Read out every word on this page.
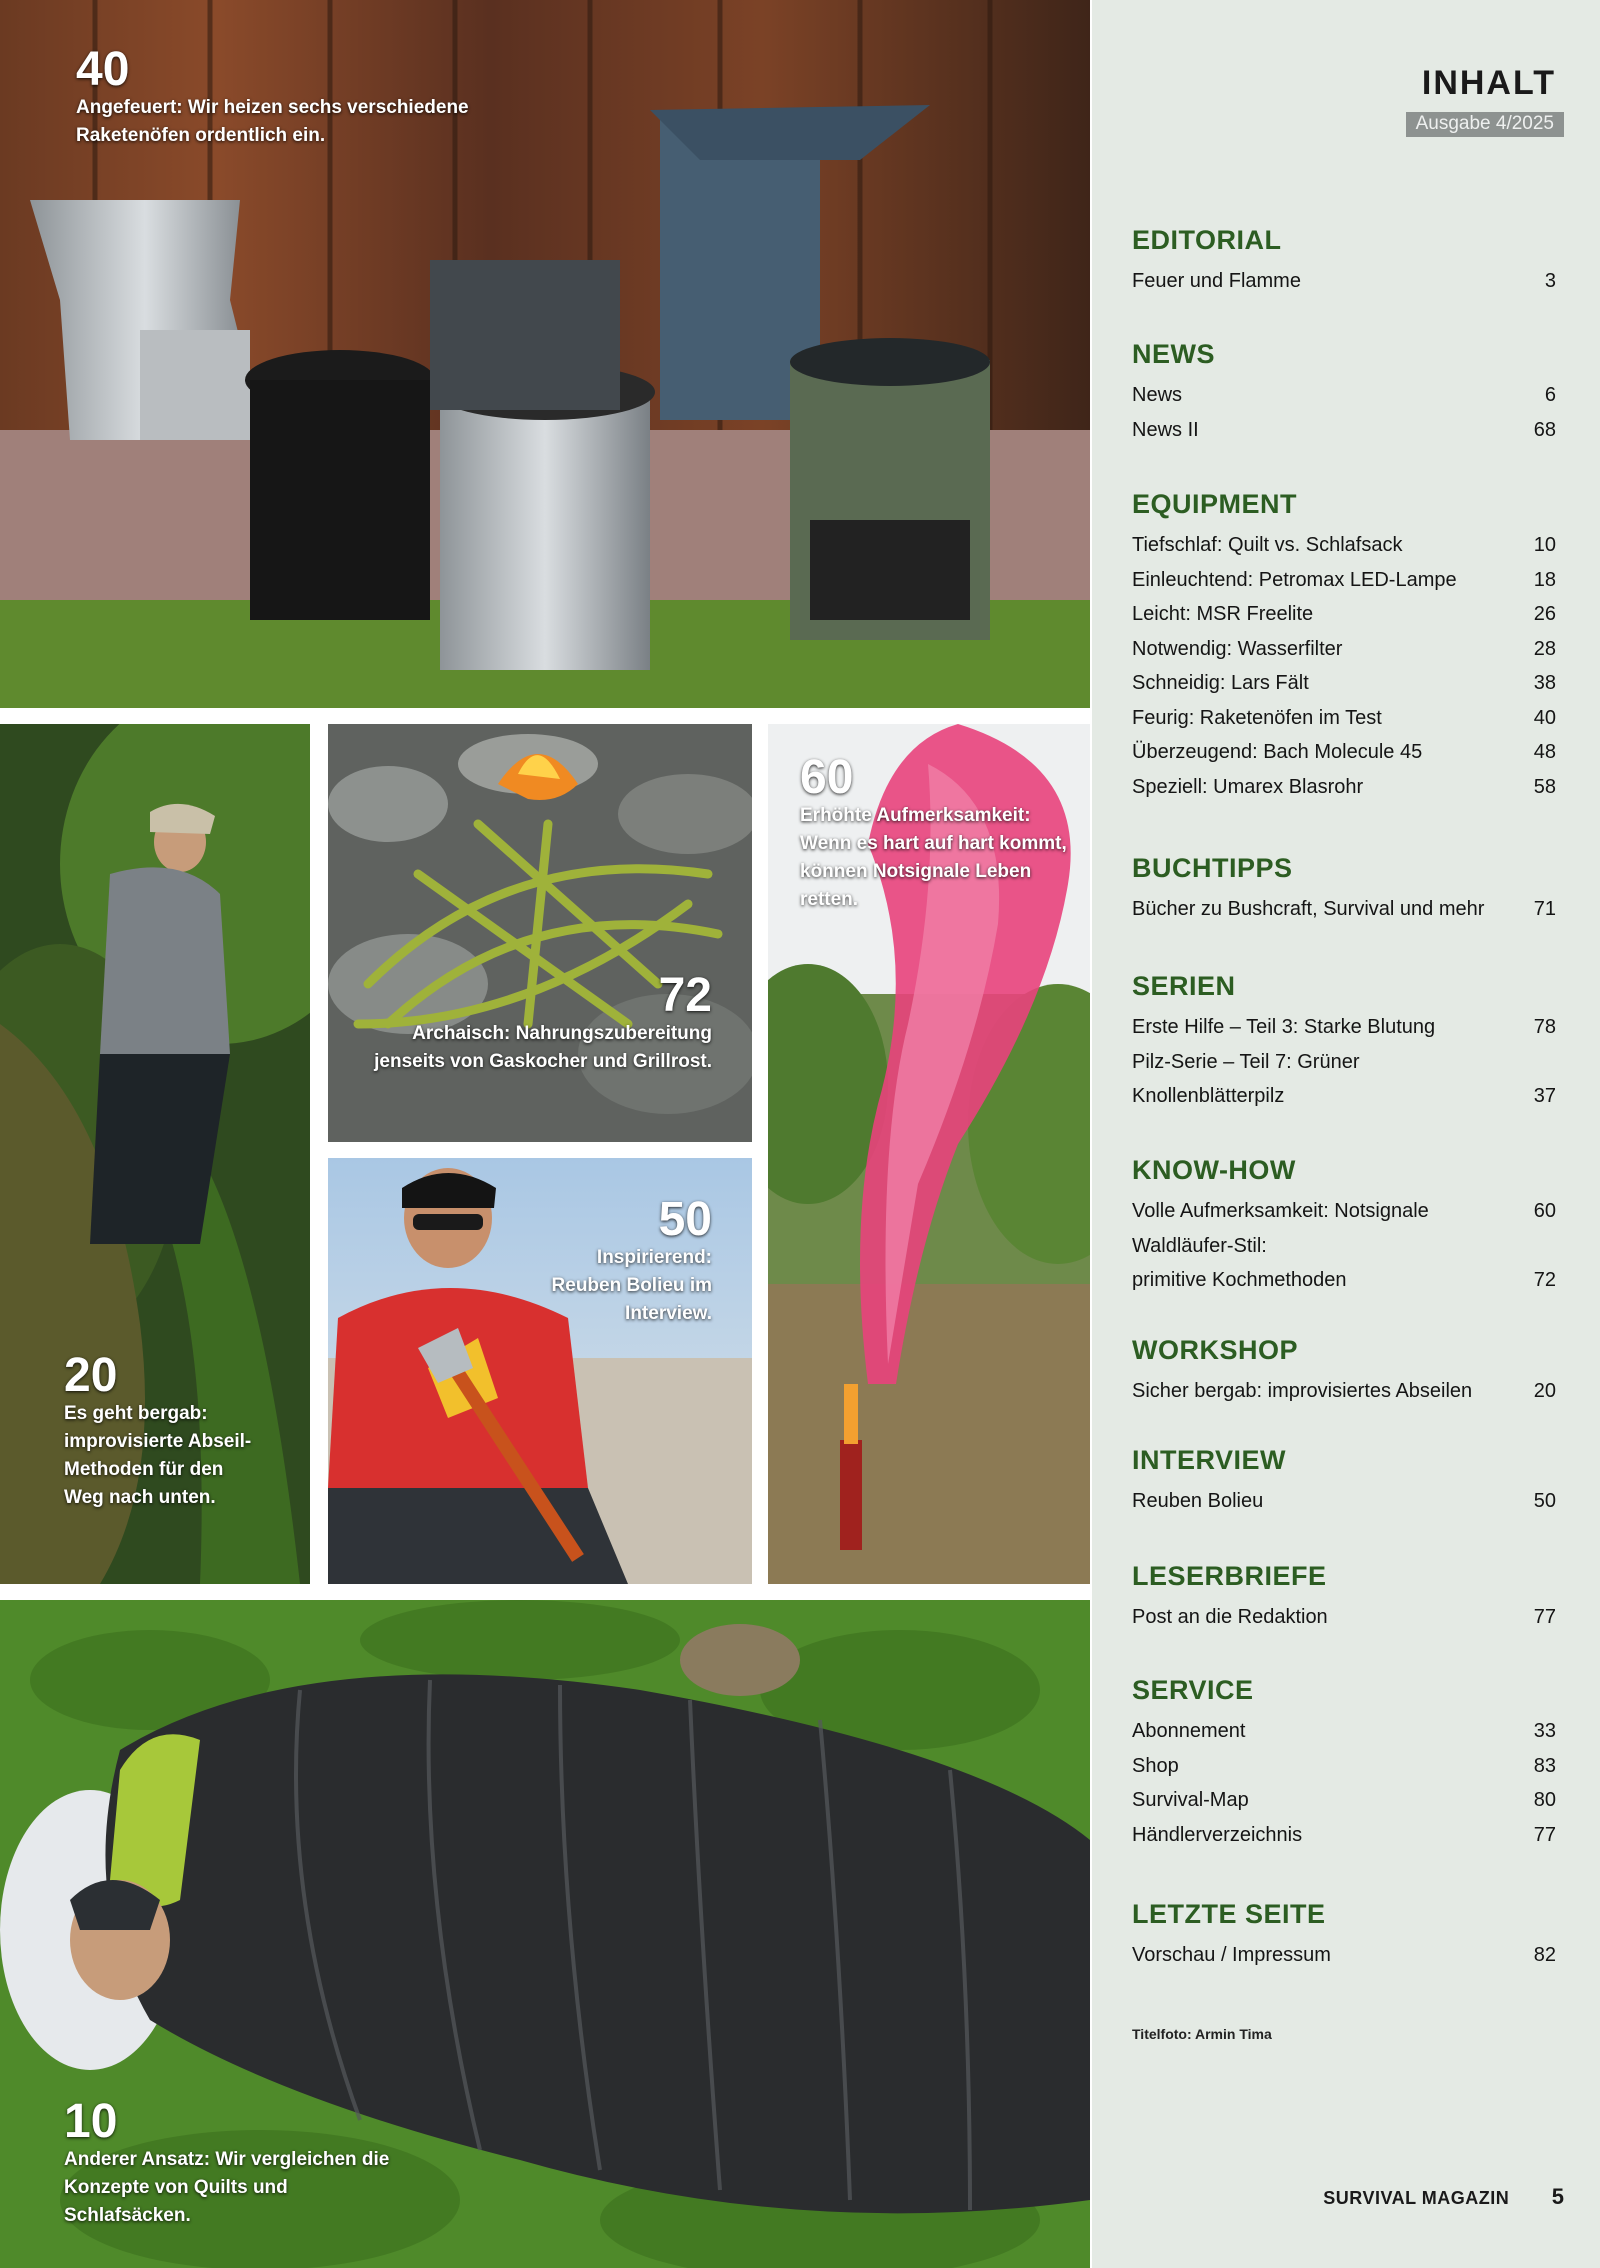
40
Angefeuert: Wir heizen sechs verschiedene Raketenöfen ordentlich ein.
20
Es geht bergab: improvisierte Abseil-Methoden für den Weg nach unten.
72
Archaisch: Nahrungszubereitung jenseits von Gaskocher und Grillrost.
50
Inspirierend: Reuben Bolieu im Interview.
60
Erhöhte Aufmerksamkeit: Wenn es hart auf hart kommt, können Notsignale Leben retten.
10
Anderer Ansatz: Wir vergleichen die Konzepte von Quilts und Schlafsäcken.
INHALT
Ausgabe 4/2025
EDITORIAL
Feuer und Flamme	3
NEWS
News	6
News II	68
EQUIPMENT
Tiefschlaf: Quilt vs. Schlafsack	10
Einleuchtend: Petromax LED-Lampe	18
Leicht: MSR Freelite	26
Notwendig: Wasserfilter	28
Schneidig: Lars Fält	38
Feurig: Raketenöfen im Test	40
Überzeugend: Bach Molecule 45	48
Speziell: Umarex Blasrohr	58
BUCHTIPPS
Bücher zu Bushcraft, Survival und mehr	71
SERIEN
Erste Hilfe – Teil 3: Starke Blutung	78
Pilz-Serie – Teil 7: Grüner
Knollenblätterpilz	37
KNOW-HOW
Volle Aufmerksamkeit: Notsignale	60
Waldläufer-Stil:
primitive Kochmethoden	72
WORKSHOP
Sicher bergab: improvisiertes Abseilen	20
INTERVIEW
Reuben Bolieu	50
LESERBRIEFE
Post an die Redaktion	77
SERVICE
Abonnement	33
Shop	83
Survival-Map	80
Händlerverzeichnis	77
LETZTE SEITE
Vorschau / Impressum	82
Titelfoto: Armin Tima
SURVIVAL MAGAZIN 5
